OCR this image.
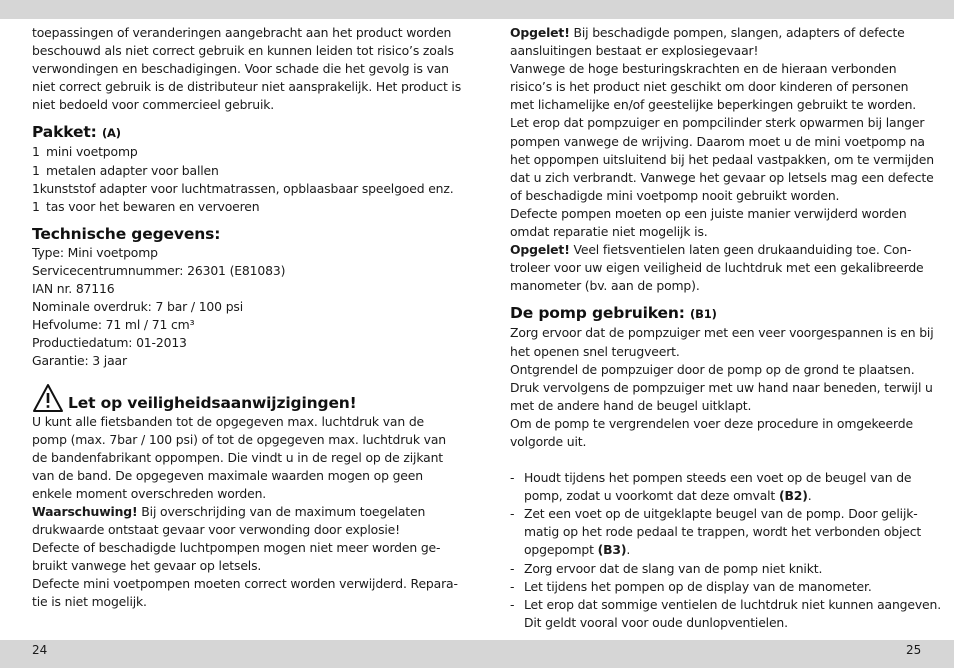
toepassingen of veranderingen aangebracht aan het product worden
beschouwd als niet correct gebruik en kunnen leiden tot risico’s zoals
verwondingen en beschadigingen. Voor schade die het gevolg is van
niet correct gebruik is de distributeur niet aansprakelijk. Het product is
niet bedoeld voor commercieel gebruik.
Pakket: (A)
1 mini voetpomp
1 metalen adapter voor ballen
1 kunststof adapter voor luchtmatrassen, opblaasbaar speelgoed enz.
1 tas voor het bewaren en vervoeren
Technische gegevens:
Type: Mini voetpomp
Servicecentrumnummer: 26301 (E81083)
IAN nr. 87116
Nominale overdruk: 7 bar / 100 psi
Hefvolume: 71 ml / 71 cm³
Productiedatum: 01-2013
Garantie: 3 jaar
Let op veiligheidsaanwijzigingen!
U kunt alle fietsbanden tot de opgegeven max. luchtdruk van de
pomp (max. 7bar / 100 psi) of tot de opgegeven max. luchtdruk van
de bandenfabrikant oppompen. Die vindt u in de regel op de zijkant
van de band. De opgegeven maximale waarden mogen op geen
enkele moment overschreden worden.
Waarschuwing! Bij overschrijding van de maximum toegelaten
drukwaarde ontstaat gevaar voor verwonding door explosie!
Defecte of beschadigde luchtpompen mogen niet meer worden ge-
bruikt vanwege het gevaar op letsels.
Defecte mini voetpompen moeten correct worden verwijderd. Repara-
tie is niet mogelijk.
Opgelet! Bij beschadigde pompen, slangen, adapters of defecte
aansluitingen bestaat er explosiegevaar!
Vanwege de hoge besturingskrachten en de hieraan verbonden
risico’s is het product niet geschikt om door kinderen of personen
met lichamelijke en/of geestelijke beperkingen gebruikt te worden.
Let erop dat pompzuiger en pompcilinder sterk opwarmen bij langer
pompen vanwege de wrijving. Daarom moet u de mini voetpomp na
het oppompen uitsluitend bij het pedaal vastpakken, om te vermijden
dat u zich verbrandt. Vanwege het gevaar op letsels mag een defecte
of beschadigde mini voetpomp nooit gebruikt worden.
Defecte pompen moeten op een juiste manier verwijderd worden
omdat reparatie niet mogelijk is.
Opgelet! Veel fietsventielen laten geen drukaanduiding toe. Con-
troleer voor uw eigen veiligheid de luchtdruk met een gekalibreerde
manometer (bv. aan de pomp).
De pomp gebruiken: (B1)
Zorg ervoor dat de pompzuiger met een veer voorgespannen is en bij
het openen snel terugveert.
Ontgrendel de pompzuiger door de pomp op de grond te plaatsen.
Druk vervolgens de pompzuiger met uw hand naar beneden, terwijl u
met de andere hand de beugel uitklapt.
Om de pomp te vergrendelen voer deze procedure in omgekeerde
volgorde uit.
- Houdt tijdens het pompen steeds een voet op de beugel van de
pomp, zodat u voorkomt dat deze omvalt (B2).
- Zet een voet op de uitgeklapte beugel van de pomp. Door gelijk-
matig op het rode pedaal te trappen, wordt het verbonden object
opgepompt (B3).
- Zorg ervoor dat de slang van de pomp niet knikt.
- Let tijdens het pompen op de display van de manometer.
- Let erop dat sommige ventielen de luchtdruk niet kunnen aangeven.
Dit geldt vooral voor oude dunlopventielen.
24	25
